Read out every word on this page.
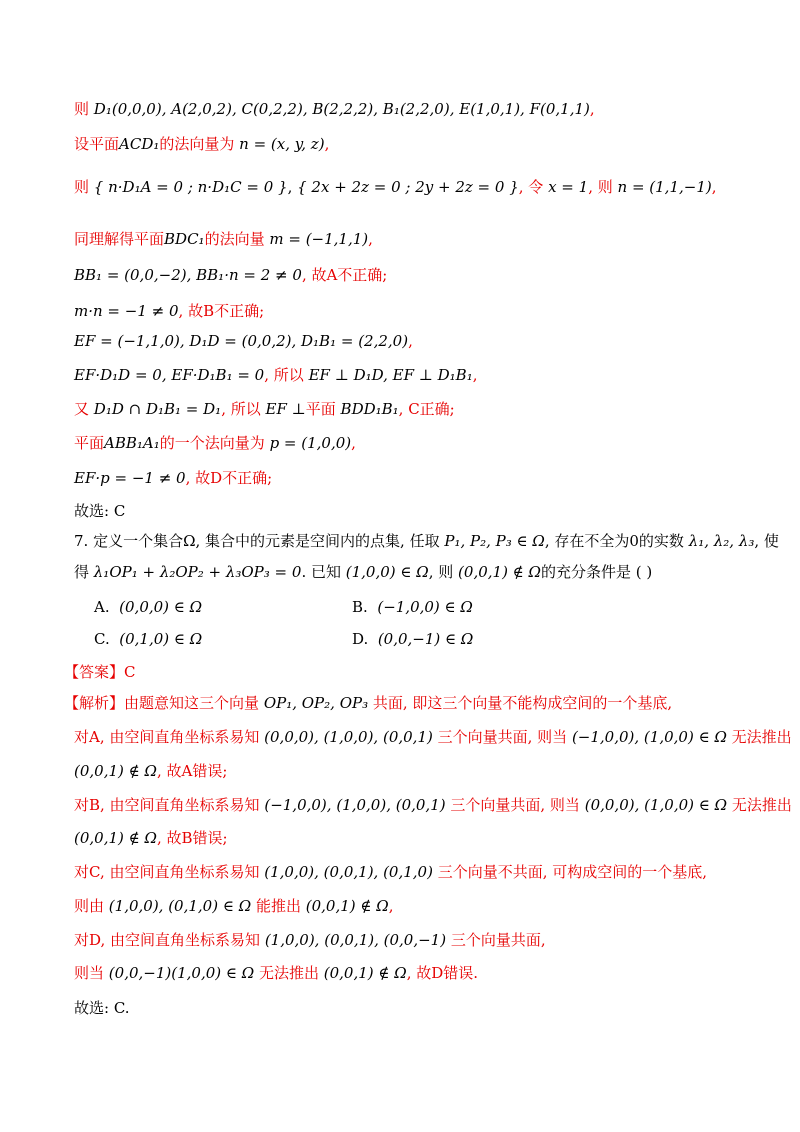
则 D₁(0,0,0), A(2,0,2), C(0,2,2), B(2,2,2), B₁(2,2,0), E(1,0,1), F(0,1,1),
设平面ACD₁的法向量为 n = (x, y, z),
则 { n·D₁A = 0 ; n·D₁C = 0 }, { 2x + 2z = 0 ; 2y + 2z = 0 }, 令 x = 1, 则 n = (1,1,−1),
同理解得平面BDC₁的法向量 m = (−1,1,1),
BB₁ = (0,0,−2), BB₁·n = 2 ≠ 0, 故A不正确;
m·n = −1 ≠ 0, 故B不正确;
EF = (−1,1,0), D₁D = (0,0,2), D₁B₁ = (2,2,0),
EF·D₁D = 0, EF·D₁B₁ = 0, 所以 EF ⊥ D₁D, EF ⊥ D₁B₁,
又 D₁D ∩ D₁B₁ = D₁, 所以 EF ⊥平面 BDD₁B₁, C正确;
平面ABB₁A₁的一个法向量为 p = (1,0,0),
EF·p = −1 ≠ 0, 故D不正确;
故选: C
7. 定义一个集合Ω, 集合中的元素是空间内的点集, 任取 P₁, P₂, P₃ ∈ Ω, 存在不全为0的实数 λ₁, λ₂, λ₃, 使
得 λ₁OP₁ + λ₂OP₂ + λ₃OP₃ = 0. 已知 (1,0,0) ∈ Ω, 则 (0,0,1) ∉ Ω的充分条件是 ( )
A. (0,0,0) ∈ Ω	B. (−1,0,0) ∈ Ω
C. (0,1,0) ∈ Ω	D. (0,0,−1) ∈ Ω
【答案】C
【解析】由题意知这三个向量 OP₁, OP₂, OP₃ 共面, 即这三个向量不能构成空间的一个基底,
对A, 由空间直角坐标系易知 (0,0,0), (1,0,0), (0,0,1) 三个向量共面, 则当 (−1,0,0), (1,0,0) ∈ Ω 无法推出
(0,0,1) ∉ Ω, 故A错误;
对B, 由空间直角坐标系易知 (−1,0,0), (1,0,0), (0,0,1) 三个向量共面, 则当 (0,0,0), (1,0,0) ∈ Ω 无法推出
(0,0,1) ∉ Ω, 故B错误;
对C, 由空间直角坐标系易知 (1,0,0), (0,0,1), (0,1,0) 三个向量不共面, 可构成空间的一个基底,
则由 (1,0,0), (0,1,0) ∈ Ω 能推出 (0,0,1) ∉ Ω,
对D, 由空间直角坐标系易知 (1,0,0), (0,0,1), (0,0,−1) 三个向量共面,
则当 (0,0,−1)(1,0,0) ∈ Ω 无法推出 (0,0,1) ∉ Ω, 故D错误.
故选: C.
